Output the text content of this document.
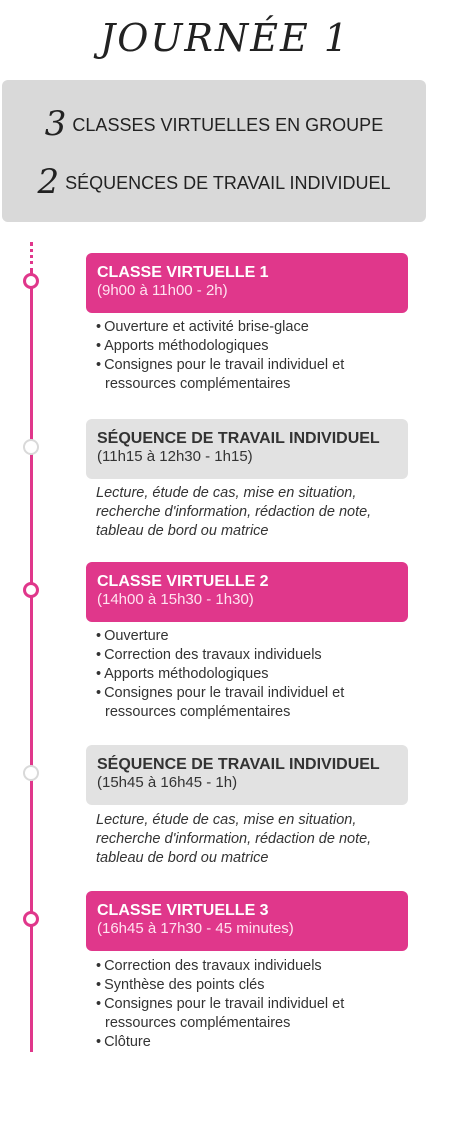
JOURNÉE 1
3 CLASSES VIRTUELLES EN GROUPE
2 SÉQUENCES DE TRAVAIL INDIVIDUEL
CLASSE VIRTUELLE 1
(9h00 à 11h00 - 2h)
• Ouverture et activité brise-glace
• Apports méthodologiques
• Consignes pour le travail individuel et ressources complémentaires
SÉQUENCE DE TRAVAIL INDIVIDUEL
(11h15 à 12h30 - 1h15)

Lecture, étude de cas, mise en situation, recherche d'information, rédaction de note, tableau de bord ou matrice

CLASSE VIRTUELLE 2
(14h00 à 15h30 - 1h30)
• Ouverture
• Correction des travaux individuels
• Apports méthodologiques
• Consignes pour le travail individuel et ressources complémentaires
SÉQUENCE DE TRAVAIL INDIVIDUEL
(15h45 à 16h45 - 1h)

Lecture, étude de cas, mise en situation, recherche d'information, rédaction de note, tableau de bord ou matrice

CLASSE VIRTUELLE 3
(16h45 à 17h30 - 45 minutes)
• Correction des travaux individuels
• Synthèse des points clés
• Consignes pour le travail individuel et ressources complémentaires
• Clôture
